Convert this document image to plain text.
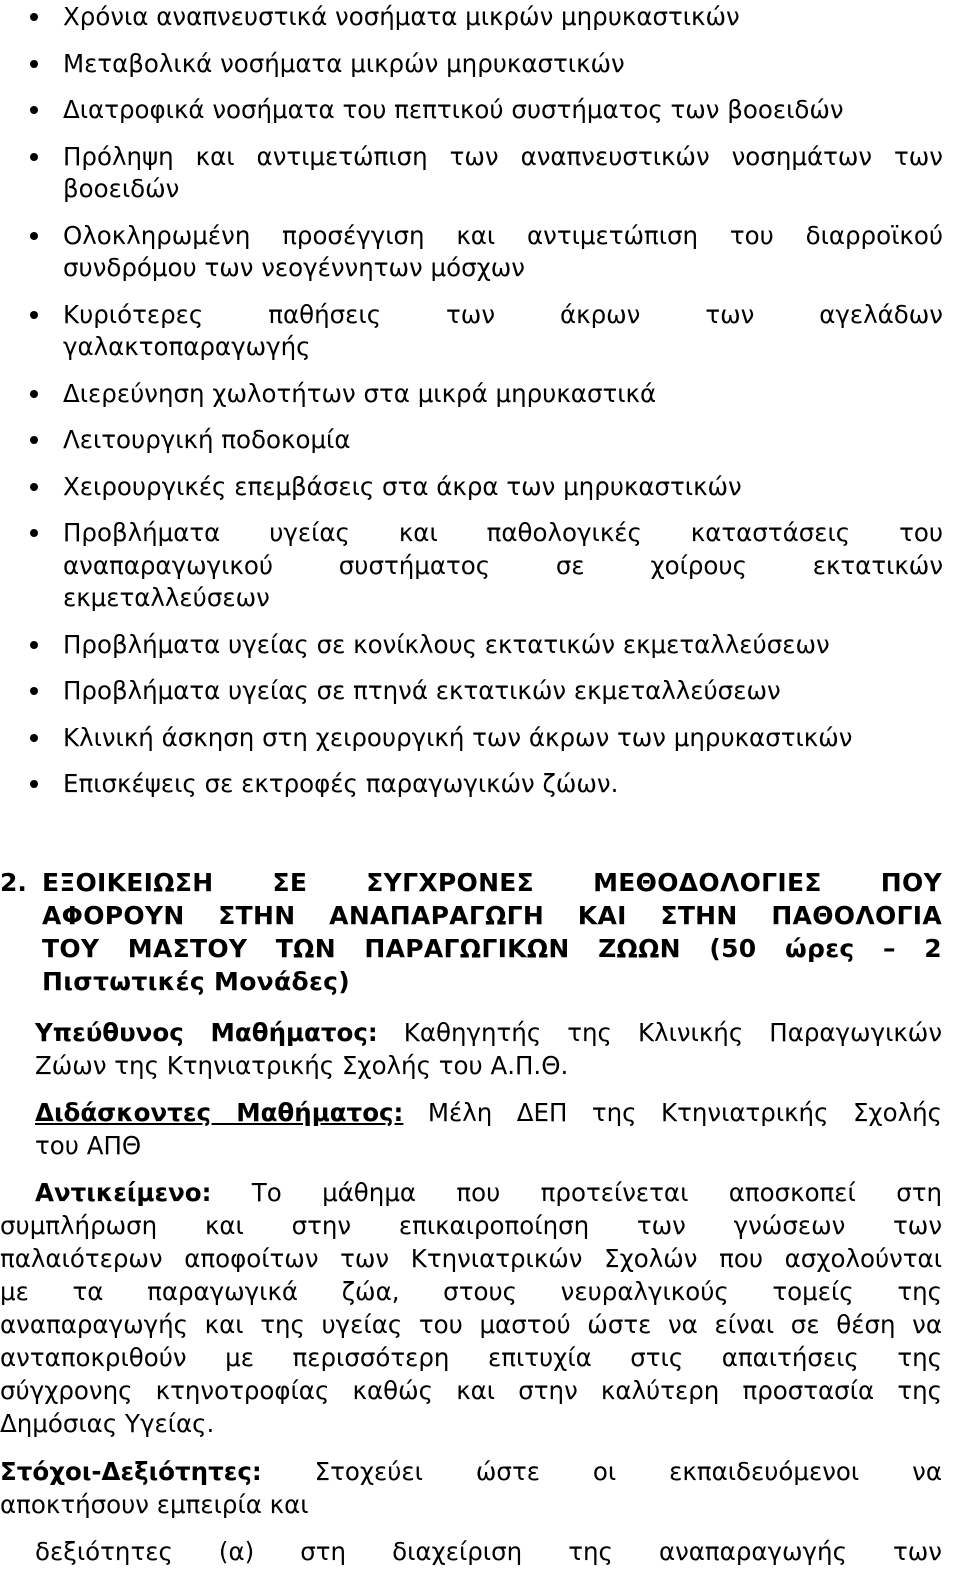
Χρόνια αναπνευστικά νοσήματα μικρών μηρυκαστικών
Μεταβολικά νοσήματα μικρών μηρυκαστικών
Διατροφικά νοσήματα του πεπτικού συστήματος των βοοειδών
Πρόληψη και αντιμετώπιση των αναπνευστικών νοσημάτων των
βοοειδών
Ολοκληρωμένη προσέγγιση και αντιμετώπιση του διαρροϊκού
συνδρόμου των νεογέννητων μόσχων
Κυριότερες παθήσεις των άκρων των αγελάδων
γαλακτοπαραγωγής
Διερεύνηση χωλοτήτων στα μικρά μηρυκαστικά
Λειτουργική ποδοκομία
Χειρουργικές επεμβάσεις στα άκρα των μηρυκαστικών
Προβλήματα υγείας και παθολογικές καταστάσεις του
αναπαραγωγικού συστήματος σε χοίρους εκτατικών
εκμεταλλεύσεων
Προβλήματα υγείας σε κονίκλους εκτατικών εκμεταλλεύσεων
Προβλήματα υγείας σε πτηνά εκτατικών εκμεταλλεύσεων
Κλινική άσκηση στη χειρουργική των άκρων των μηρυκαστικών
Επισκέψεις σε εκτροφές παραγωγικών ζώων.
2. ΕΞΟΙΚΕΙΩΣΗ ΣΕ ΣΥΓΧΡΟΝΕΣ ΜΕΘΟΔΟΛΟΓΙΕΣ ΠΟΥ
ΑΦΟΡΟΥΝ ΣΤΗΝ ΑΝΑΠΑΡΑΓΩΓΗ ΚΑΙ ΣΤΗΝ ΠΑΘΟΛΟΓΙΑ
ΤΟΥ ΜΑΣΤΟΥ ΤΩΝ ΠΑΡΑΓΩΓΙΚΩΝ ΖΩΩΝ (50 ώρες – 2
Πιστωτικές Μονάδες)
Υπεύθυνος Μαθήματος: Καθηγητής της Κλινικής Παραγωγικών
Ζώων της Κτηνιατρικής Σχολής του Α.Π.Θ.
Διδάσκοντες Μαθήματος: Μέλη ΔΕΠ της Κτηνιατρικής Σχολής
του ΑΠΘ
Αντικείμενο: Το μάθημα που προτείνεται αποσκοπεί στη
συμπλήρωση και στην επικαιροποίηση των γνώσεων των
παλαιότερων αποφοίτων των Κτηνιατρικών Σχολών που ασχολούνται
με τα παραγωγικά ζώα, στους νευραλγικούς τομείς της
αναπαραγωγής και της υγείας του μαστού ώστε να είναι σε θέση να
ανταποκριθούν με περισσότερη επιτυχία στις απαιτήσεις της
σύγχρονης κτηνοτροφίας καθώς και στην καλύτερη προστασία της
Δημόσιας Υγείας.
Στόχοι-Δεξιότητες: Στοχεύει ώστε οι εκπαιδευόμενοι να
αποκτήσουν εμπειρία και
δεξιότητες (α) στη διαχείριση της αναπαραγωγής των
